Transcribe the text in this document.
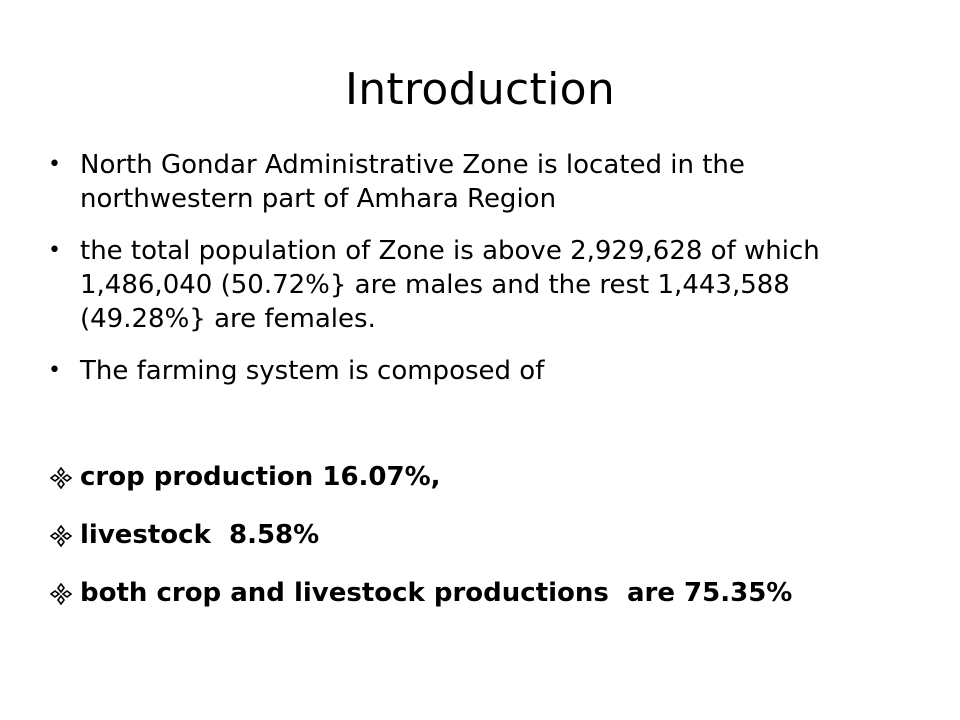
Introduction
• North Gondar Administrative Zone is located in the northwestern part of Amhara Region
• the total population of Zone is above 2,929,628 of which 1,486,040 (50.72%} are males and the rest 1,443,588 (49.28%} are females.
• The farming system is composed of
crop production 16.07%,
livestock  8.58%
both crop and livestock productions  are 75.35%
